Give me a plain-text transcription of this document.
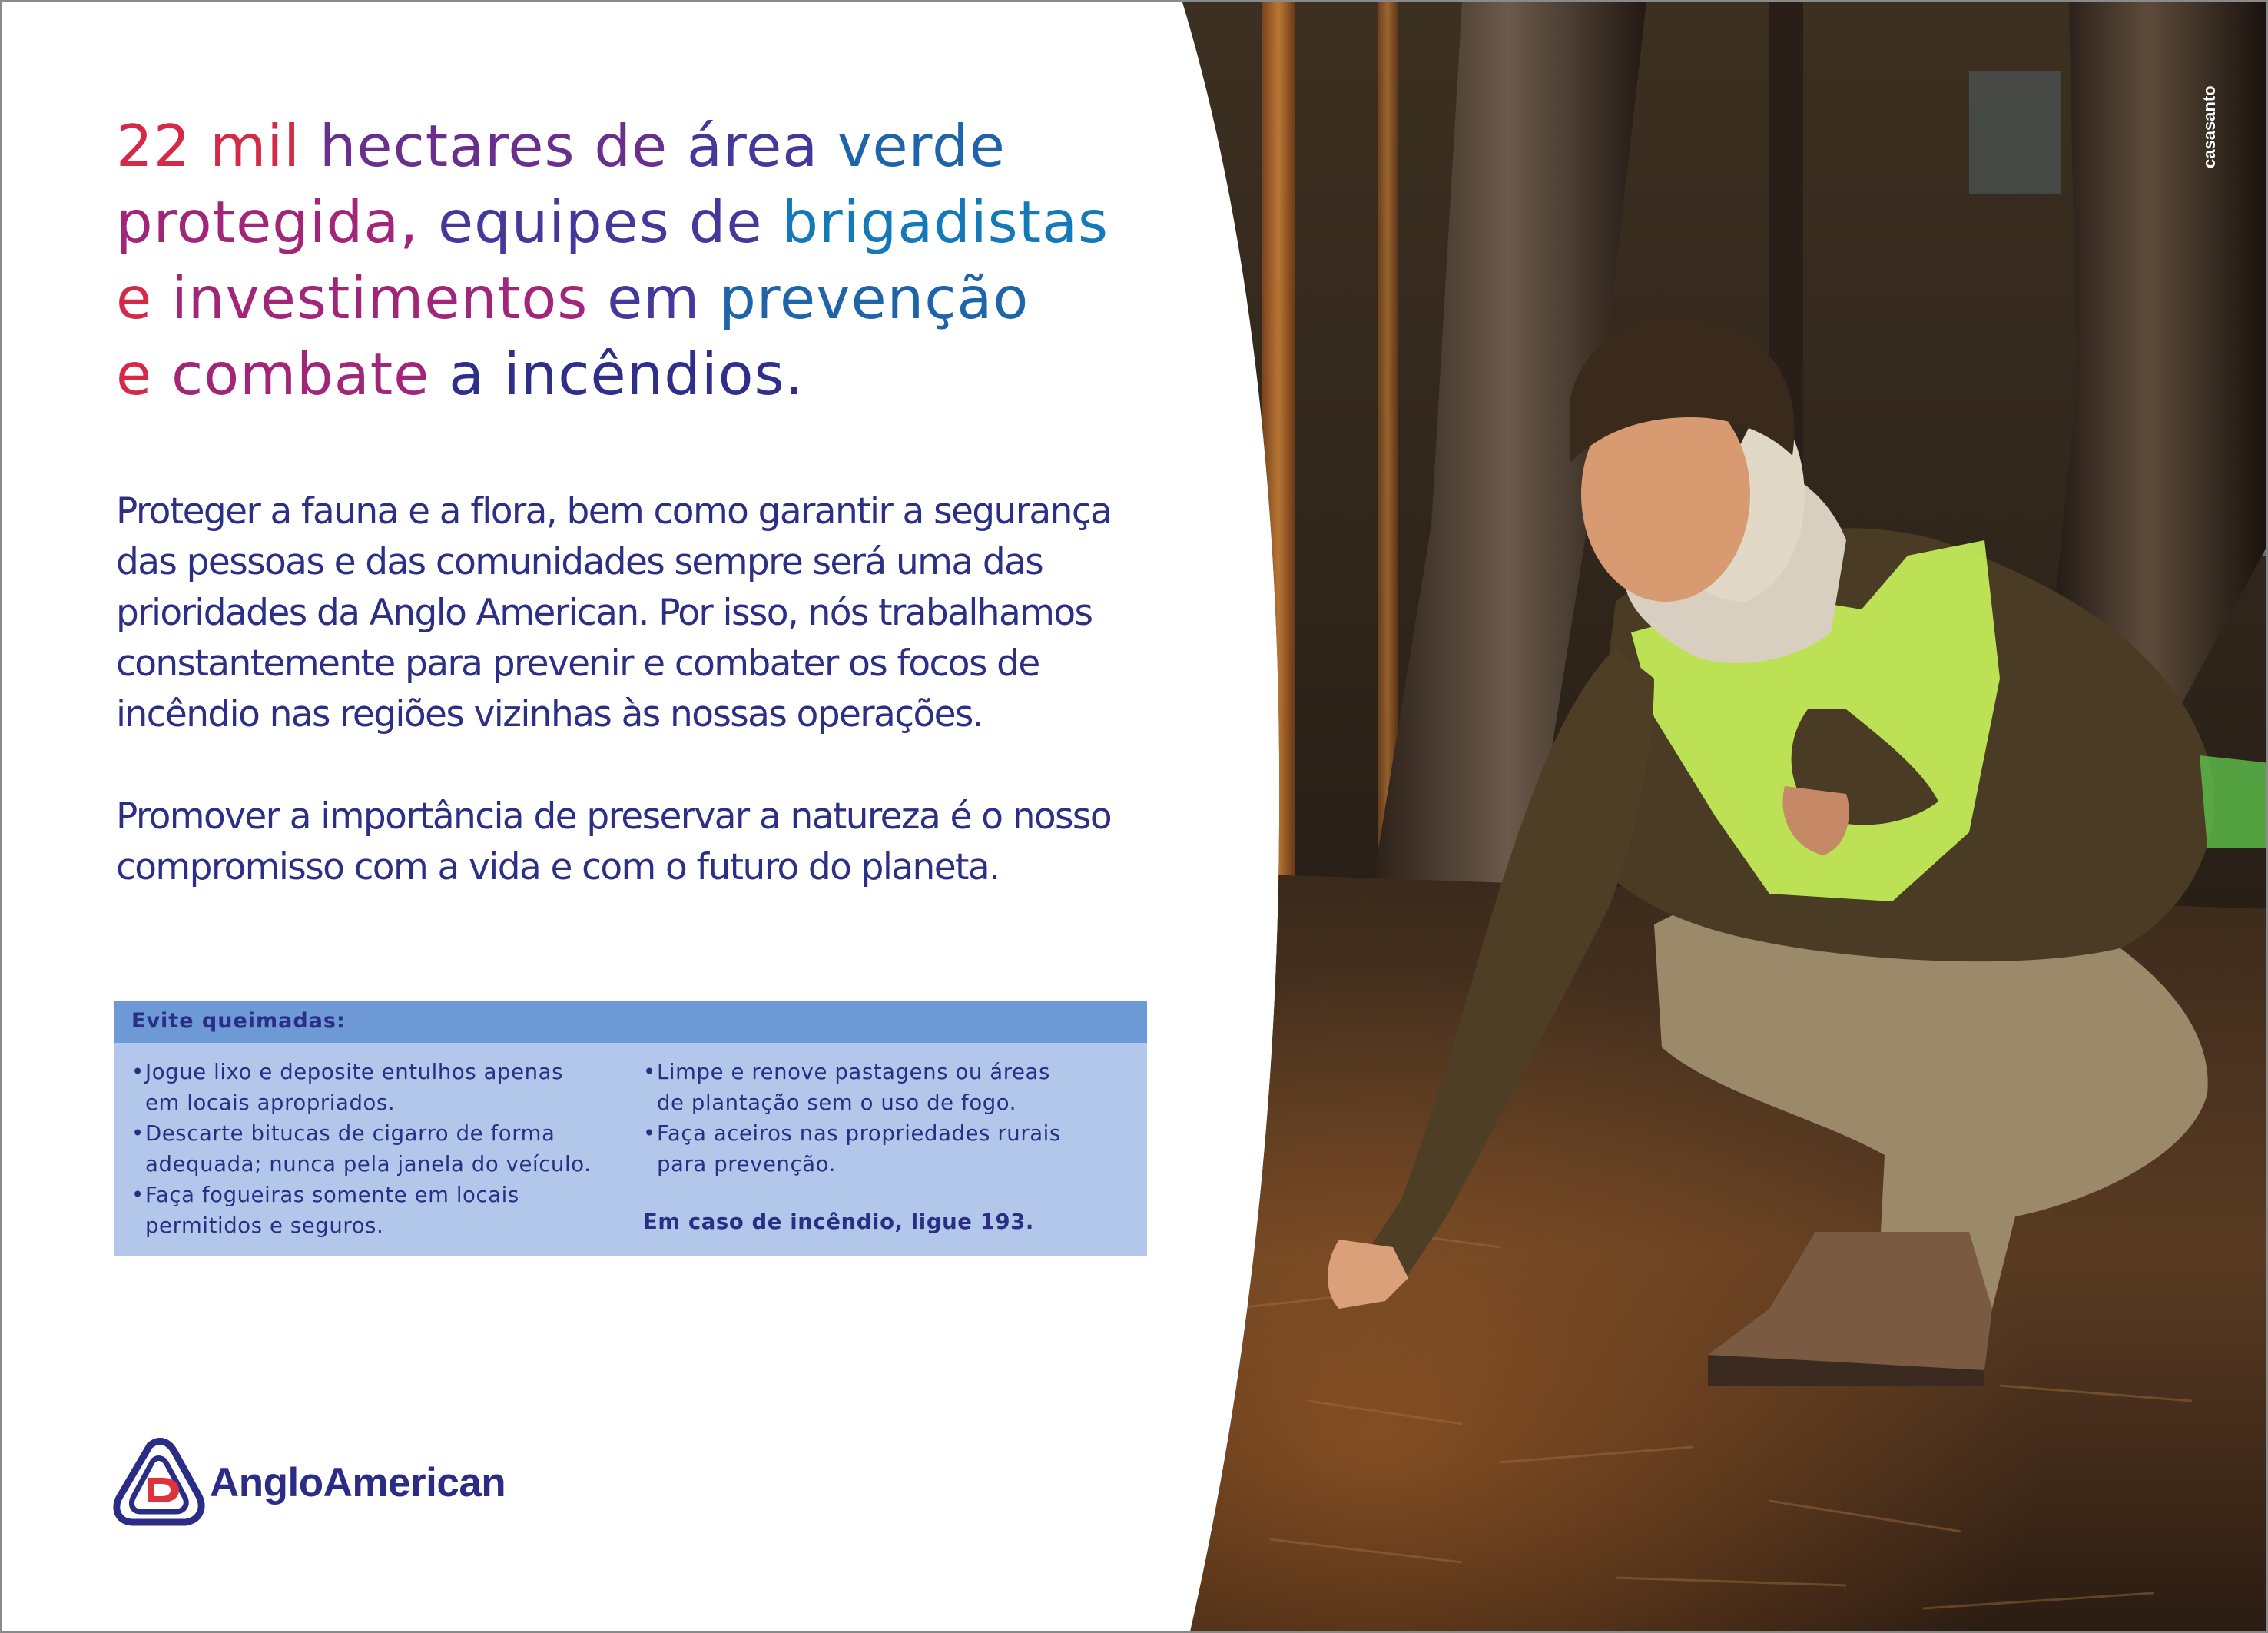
22 mil hectares de área verde
protegida, equipes de brigadistas
e investimentos em prevenção
e combate a incêndios.

Proteger a fauna e a flora, bem como garantir a segurança
das pessoas e das comunidades sempre será uma das
prioridades da Anglo American. Por isso, nós trabalhamos
constantemente para prevenir e combater os focos de
incêndio nas regiões vizinhas às nossas operações.

Promover a importância de preservar a natureza é o nosso
compromisso com a vida e com o futuro do planeta.

Evite queimadas:
• Jogue lixo e deposite entulhos apenas
em locais apropriados.
• Descarte bitucas de cigarro de forma
adequada; nunca pela janela do veículo.
• Faça fogueiras somente em locais
permitidos e seguros.
• Limpe e renove pastagens ou áreas
de plantação sem o uso de fogo.
• Faça aceiros nas propriedades rurais
para prevenção.
Em caso de incêndio, ligue 193.
AngloAmerican
casasanto
